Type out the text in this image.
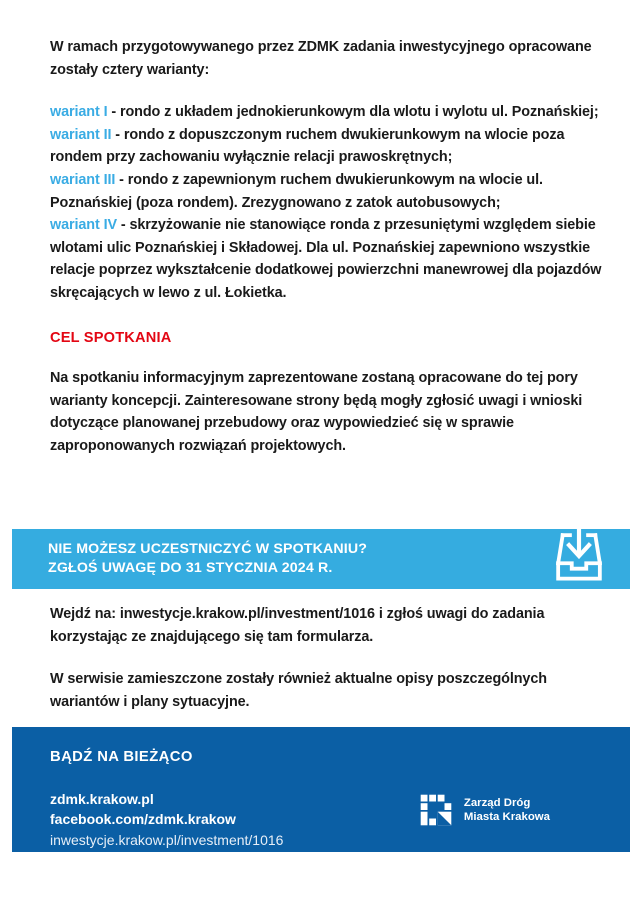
W ramach przygotowywanego przez ZDMK zadania inwestycyjnego opracowane zostały cztery warianty:

wariant I - rondo z układem jednokierunkowym dla wlotu i wylotu ul. Poznańskiej;

wariant II - rondo z dopuszczonym ruchem dwukierunkowym na wlocie poza rondem przy zachowaniu wyłącznie relacji prawoskrętnych;

wariant III - rondo z zapewnionym ruchem dwukierunkowym na wlocie ul. Poznańskiej (poza rondem). Zrezygnowano z zatok autobusowych;

wariant IV - skrzyżowanie nie stanowiące ronda z przesuniętymi względem siebie wlotami ulic Poznańskiej i Składowej. Dla ul. Poznańskiej zapewniono wszystkie relacje poprzez wykształcenie dodatkowej powierzchni manewrowej dla pojazdów skręcających w lewo z ul. Łokietka.

CEL SPOTKANIA

Na spotkaniu informacyjnym zaprezentowane zostaną opracowane do tej pory warianty koncepcji. Zainteresowane strony będą mogły zgłosić uwagi i wnioski dotyczące planowanej przebudowy oraz wypowiedzieć się w sprawie zaproponowanych rozwiązań projektowych.

NIE MOŻESZ UCZESTNICZYĆ W SPOTKANIU?
ZGŁOŚ UWAGĘ DO 31 STYCZNIA 2024 R.

Wejdź na: inwestycje.krakow.pl/investment/1016 i zgłoś uwagi do zadania korzystając ze znajdującego się tam formularza.

W serwisie zamieszczone zostały również aktualne opisy poszczególnych wariantów i plany sytuacyjne.

BĄDŹ NA BIEŻĄCO

zdmk.krakow.pl
facebook.com/zdmk.krakow
inwestycje.krakow.pl/investment/1016
Zarząd Dróg
Miasta Krakowa
